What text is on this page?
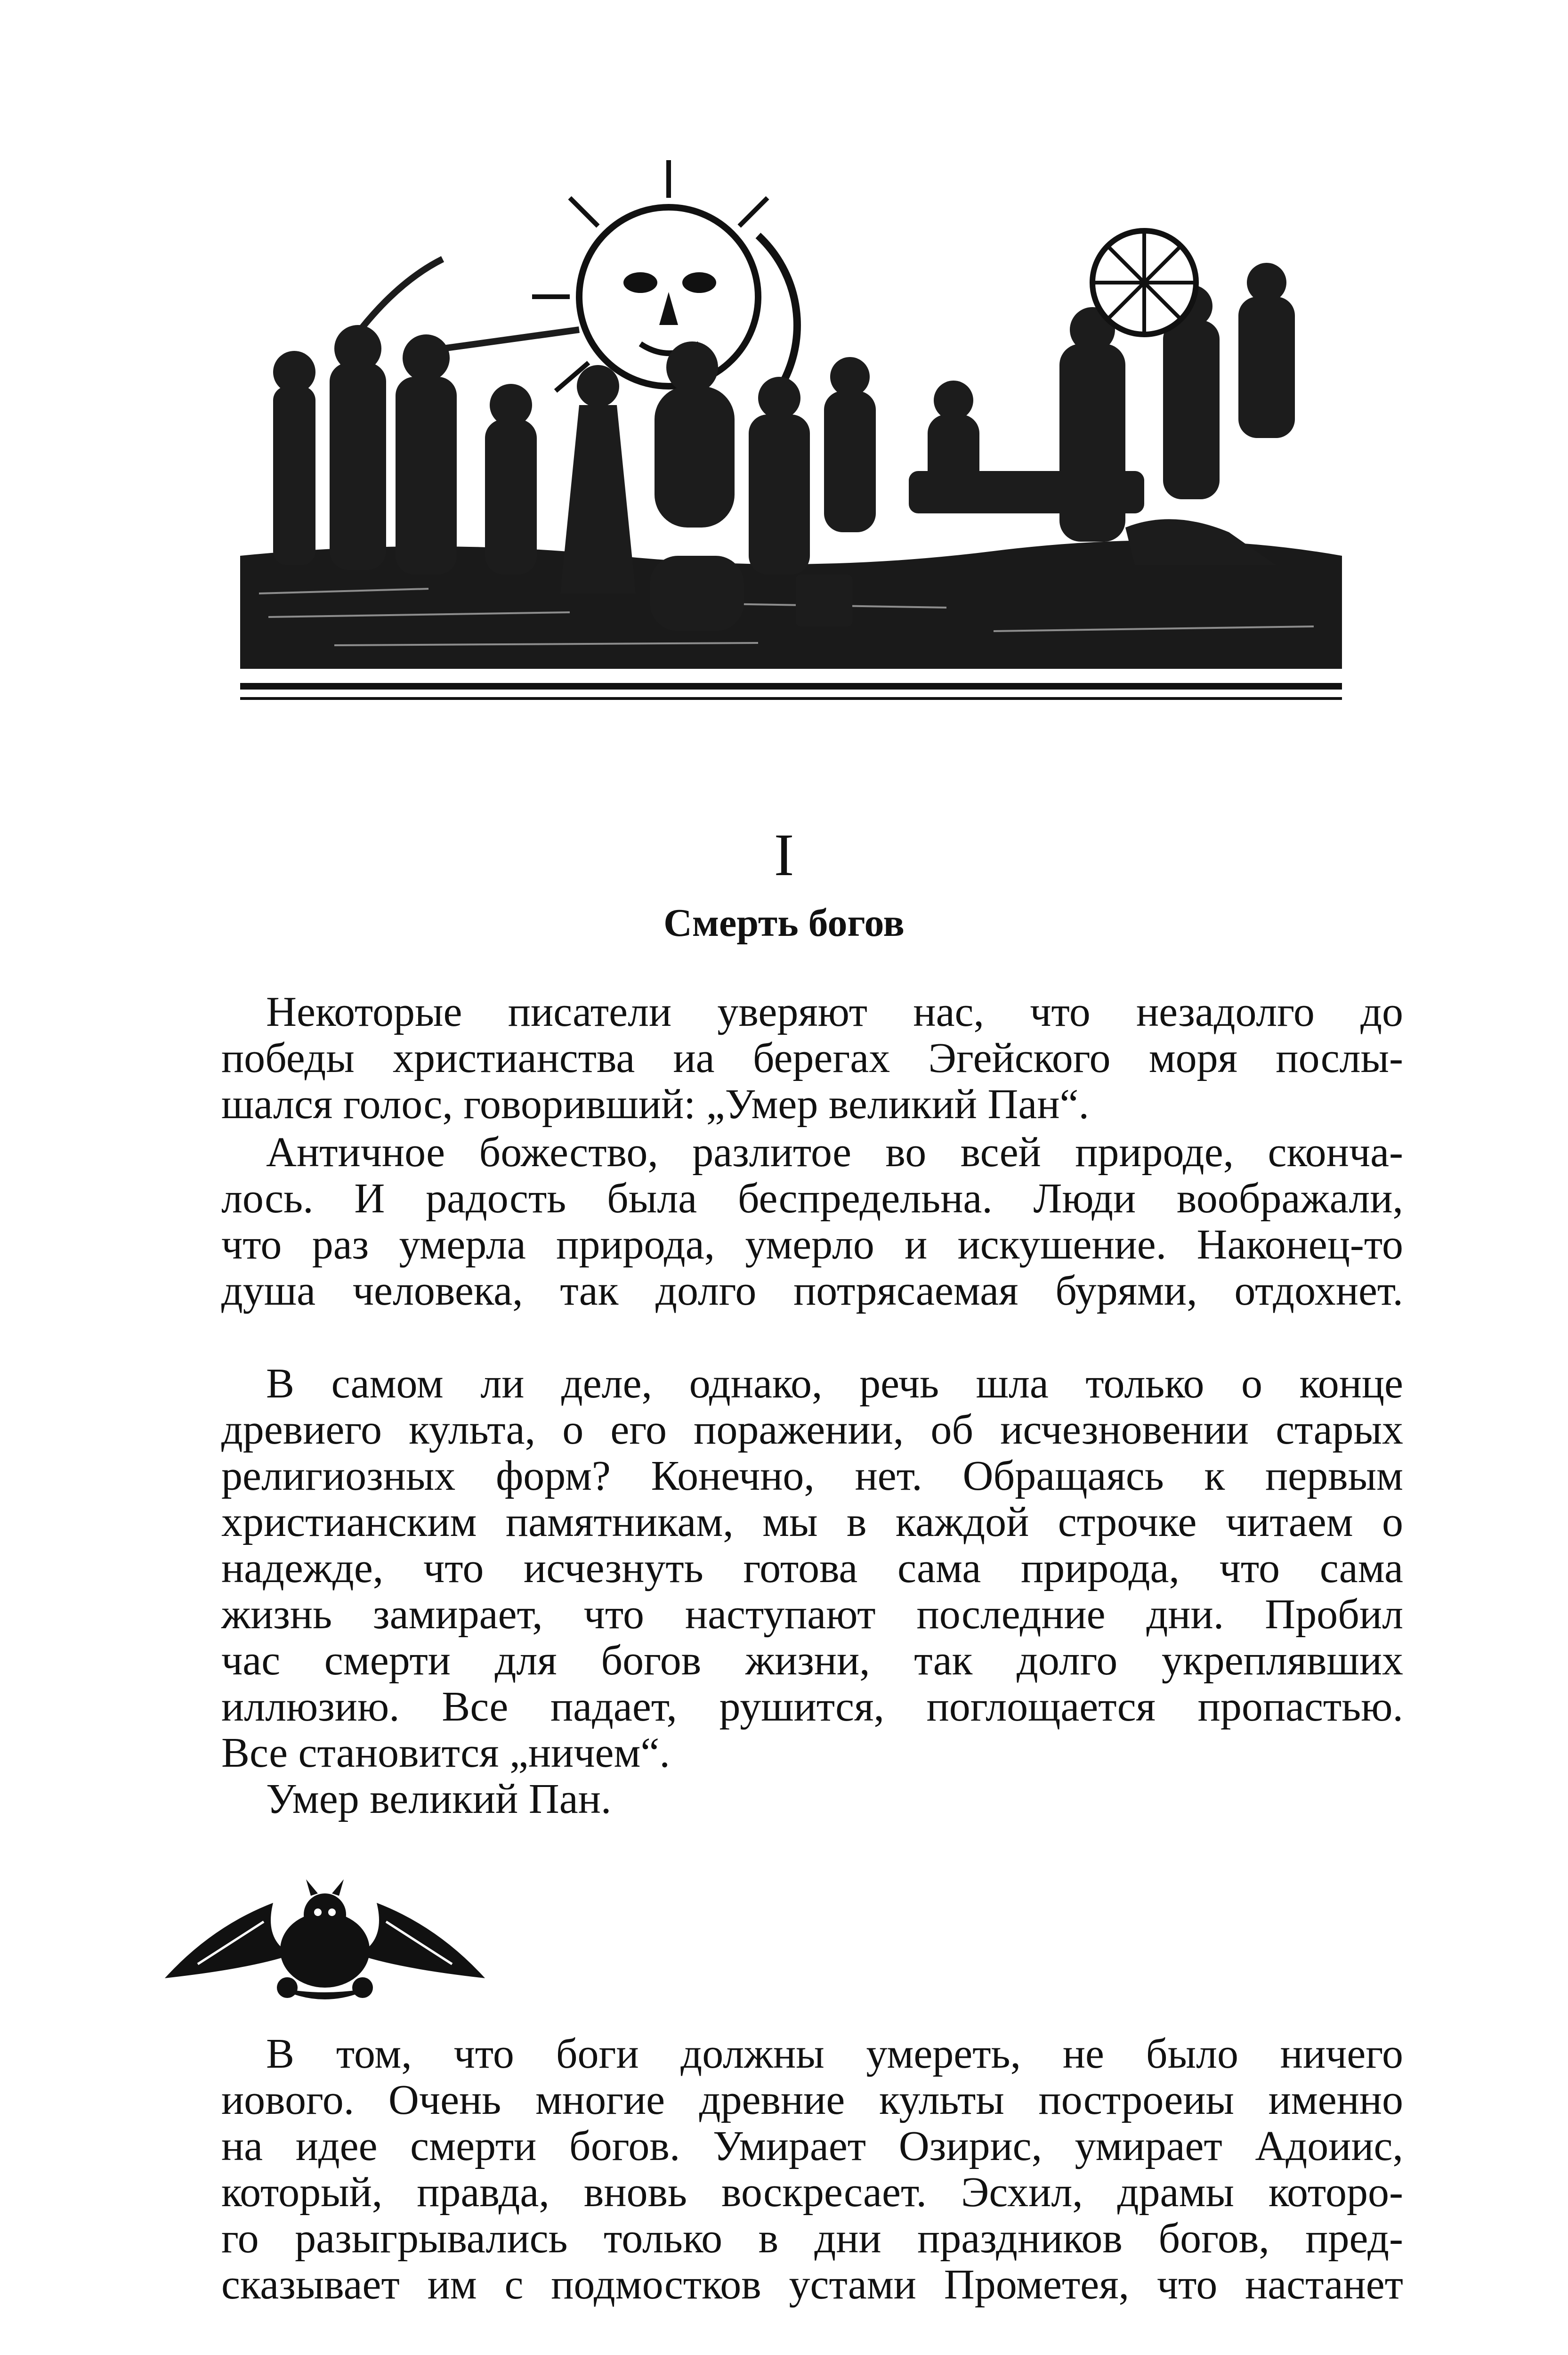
I
Смерть богов
Некоторые писатели уверяют нас, что незадолго до
победы христианства иа берегах Эгейского моря послы-
шался голос, говоривший: „Умер великий Пан“.
Античное божество, разлитое во всей природе, сконча-
лось. И радость была беспредельна. Люди воображали,
что раз умерла природа, умерло и искушение. Наконец-то
душа человека, так долго потрясаемая бурями, отдохнет.
В самом ли деле, однако, речь шла только о конце
древиего культа, о его поражении, об исчезновении старых
религиозных форм? Конечно, нет. Обращаясь к первым
христианским памятникам, мы в каждой строчке читаем о
надежде, что исчезнуть готова сама природа, что сама
жизнь замирает, что наступают последние дни. Пробил
час смерти для богов жизни, так долго укреплявших
иллюзию. Все падает, рушится, поглощается пропастью.
Все становится „ничем“.
Умер великий Пан.
В том, что боги должны умереть, не было ничего
иового. Очень многие древние культы построеиы именно
на идее смерти богов. Умирает Озирис, умирает Адоиис,
который, правда, вновь воскресает. Эсхил, драмы которо-
го разыгрывались только в дни праздников богов, пред-
сказывает им с подмостков устами Прометея, что настанет
